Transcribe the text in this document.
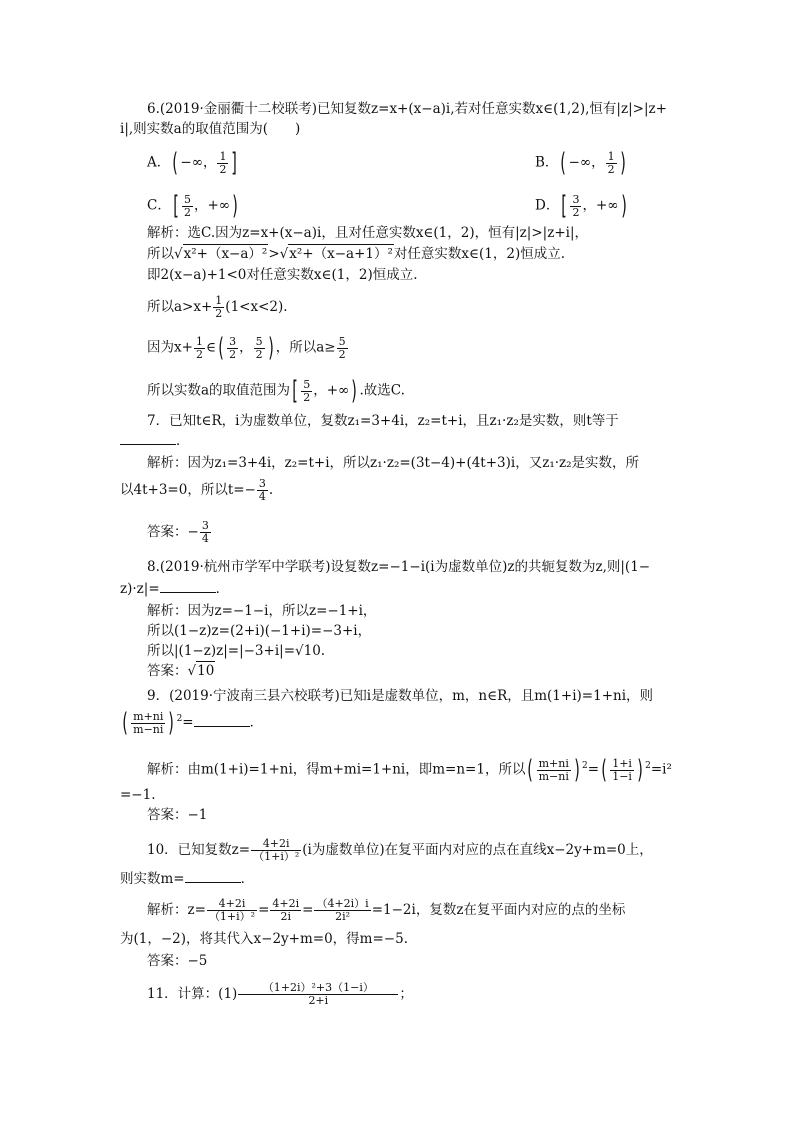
6.(2019·金丽衢十二校联考)已知复数z=x+(x−a)i,若对任意实数x∈(1,2),恒有|z|>|z+
i|,则实数a的取值范围为(　　)
A．( −∞， $\frac{1}{2}$ ]	B．( −∞， $\frac{1}{2}$ )
C．[ $\frac{5}{2}$ ，+∞)	D．[ $\frac{3}{2}$ ，+∞)
解析：选C.因为z=x+(x−a)i，且对任意实数x∈(1，2)，恒有|z|>|z+i|，
所以√x²+（x−a）²>√x²+（x−a+1）²对任意实数x∈(1，2)恒成立.
即2(x−a)+1<0对任意实数x∈(1，2)恒成立.
所以$a>x+ \frac{1}{2} (1<x<2)$.
因为$x+ \frac{1}{2}$ ∈( $\frac{3}{2}$ ， $\frac{5}{2}$ ) ，所以$a\ge \frac{5}{2}$
所以实数a的取值范围为[ $\frac{5}{2}$ ，+∞) .故选C.
7．已知t∈R，i为虚数单位，复数z₁=3+4i，z₂=t+i，且z₁·z₂是实数，则t等于
．
解析：因为z₁=3+4i，z₂=t+i，所以z₁·z₂=(3t−4)+(4t+3)i，又z₁·z₂是实数，所
以4t+3=0，所以$t=- \frac{3}{4}$ .
答案：− $\frac{3}{4}$
8.(2019·杭州市学军中学联考)设复数z=−1−i(i为虚数单位)z的共轭复数为z,则|(1−
z)·z|=	．
解析：因为z=−1−i，所以z=−1+i，
所以(1−z)z=(2+i)(−1+i)=−3+i，
所以|(1−z)z|=|−3+i|=√10.
答案：√10
9．(2019·宁波南三县六校联考)已知i是虚数单位，m，n∈R，且m(1+i)=1+ni，则
( $\frac{m+ni}{m-ni}$ ) $^2$=	．
解析：由m(1+i)=1+ni，得m+mi=1+ni，即m=n=1，所以( $\frac{m+ni}{m-ni}$ ) $^2=( \frac{1+i}{1-i}$ ) $^2$=i²
=−1.
答案：−1
10．已知复数$z= \frac{4+2i}{\text{（1+i）²}} (i$为虚数单位)在复平面内对应的点在直线x−2y+m=0上，
则实数m=	．
解析：$z= \frac{4+2i}{\text{（1+i）²}} = \frac{4+2i}{2i} = \frac{(4+2i)i}{\text{2i²}} =1-2i$，复数z在复平面内对应的点的坐标
为(1，−2)，将其代入x−2y+m=0，得m=−5.
答案：−5
11．计算：$(1) \frac{\text{（1+2i）²+3（1−i）}}{2+i}$ ；
